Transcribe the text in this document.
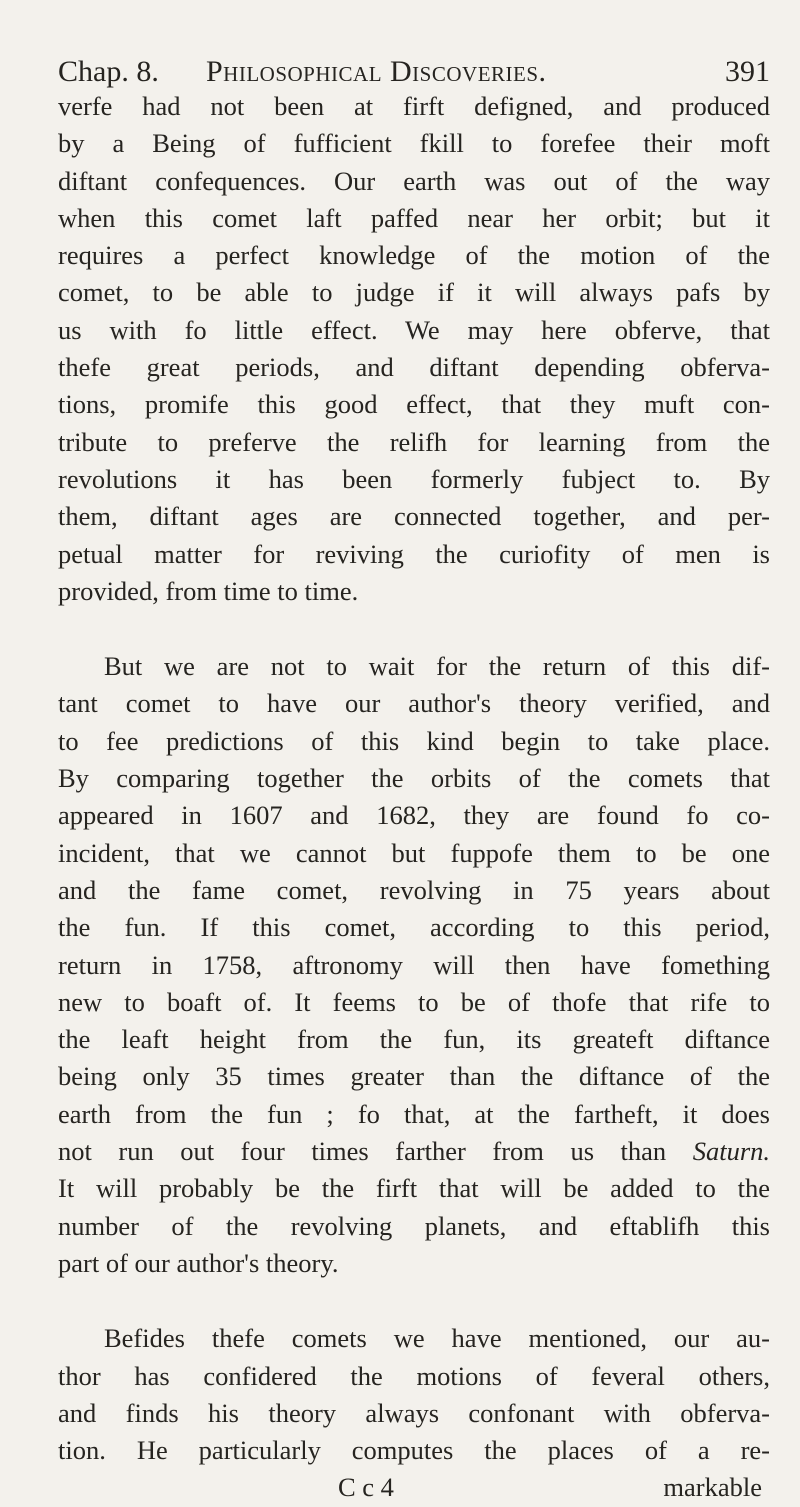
Chap. 8. Philosophical Discoveries.	391
verfe had not been at firft defigned, and produced
by a Being of fufficient fkill to forefee their moft
diftant confequences. Our earth was out of the way
when this comet laft paffed near her orbit; but it
requires a perfect knowledge of the motion of the
comet, to be able to judge if it will always pafs by
us with fo little effect. We may here obferve, that
thefe great periods, and diftant depending obferva-
tions, promife this good effect, that they muft con-
tribute to preferve the relifh for learning from the
revolutions it has been formerly fubject to. By
them, diftant ages are connected together, and per-
petual matter for reviving the curiofity of men is
provided, from time to time.
But we are not to wait for the return of this dif-
tant comet to have our author's theory verified, and
to fee predictions of this kind begin to take place.
By comparing together the orbits of the comets that
appeared in 1607 and 1682, they are found fo co-
incident, that we cannot but fuppofe them to be one
and the fame comet, revolving in 75 years about
the fun. If this comet, according to this period,
return in 1758, aftronomy will then have fomething
new to boaft of. It feems to be of thofe that rife to
the leaft height from the fun, its greateft diftance
being only 35 times greater than the diftance of the
earth from the fun ; fo that, at the fartheft, it does
not run out four times farther from us than Saturn.
It will probably be the firft that will be added to the
number of the revolving planets, and eftablifh this
part of our author's theory.
Befides thefe comets we have mentioned, our au-
thor has confidered the motions of feveral others,
and finds his theory always confonant with obferva-
tion. He particularly computes the places of a re-
C c 4	markable
